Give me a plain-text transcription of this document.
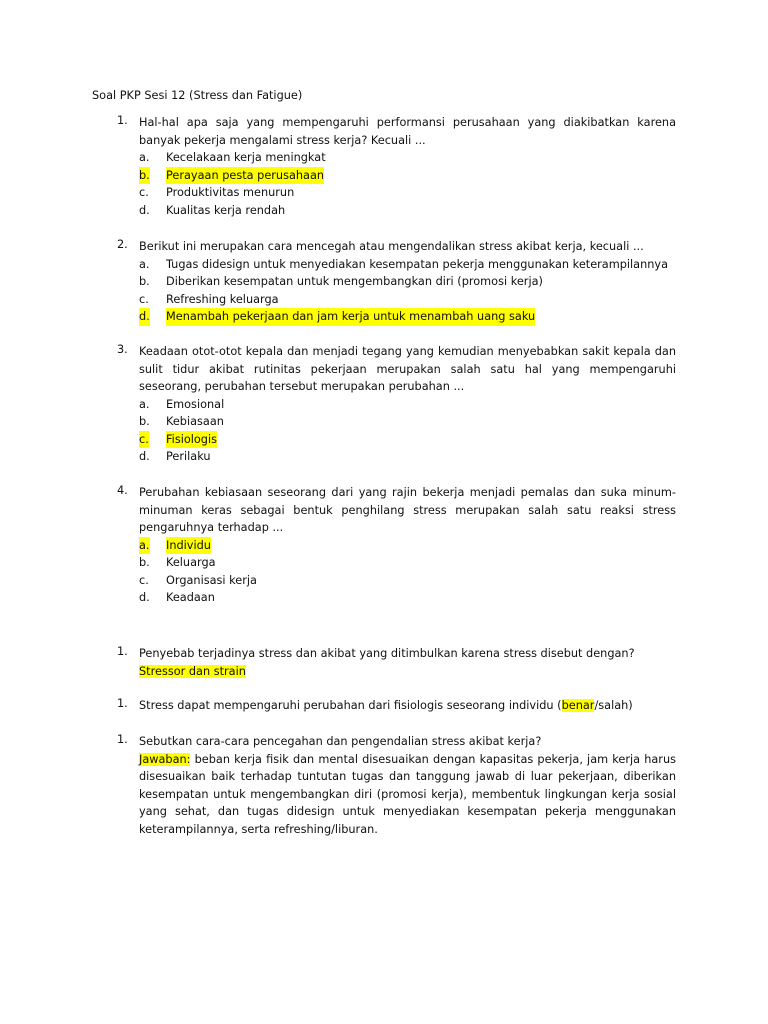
Soal PKP Sesi 12 (Stress dan Fatigue)
1. Hal-hal apa saja yang mempengaruhi performansi perusahaan yang diakibatkan karena banyak pekerja mengalami stress kerja? Kecuali ...
a. Kecelakaan kerja meningkat
b. Perayaan pesta perusahaan
c. Produktivitas menurun
d. Kualitas kerja rendah
2. Berikut ini merupakan cara mencegah atau mengendalikan stress akibat kerja, kecuali ...
a. Tugas didesign untuk menyediakan kesempatan pekerja menggunakan keterampilannya
b. Diberikan kesempatan untuk mengembangkan diri (promosi kerja)
c. Refreshing keluarga
d. Menambah pekerjaan dan jam kerja untuk menambah uang saku
3. Keadaan otot-otot kepala dan menjadi tegang yang kemudian menyebabkan sakit kepala dan sulit tidur akibat rutinitas pekerjaan merupakan salah satu hal yang mempengaruhi seseorang, perubahan tersebut merupakan perubahan ...
a. Emosional
b. Kebiasaan
c. Fisiologis
d. Perilaku
4. Perubahan kebiasaan seseorang dari yang rajin bekerja menjadi pemalas dan suka minum-minuman keras sebagai bentuk penghilang stress merupakan salah satu reaksi stress pengaruhnya terhadap ...
a. Individu
b. Keluarga
c. Organisasi kerja
d. Keadaan
1. Penyebab terjadinya stress dan akibat yang ditimbulkan karena stress disebut dengan?
Stressor dan strain
1. Stress dapat mempengaruhi perubahan dari fisiologis seseorang individu (benar/salah)
1. Sebutkan cara-cara pencegahan dan pengendalian stress akibat kerja?
Jawaban: beban kerja fisik dan mental disesuaikan dengan kapasitas pekerja, jam kerja harus disesuaikan baik terhadap tuntutan tugas dan tanggung jawab di luar pekerjaan, diberikan kesempatan untuk mengembangkan diri (promosi kerja), membentuk lingkungan kerja sosial yang sehat, dan tugas didesign untuk menyediakan kesempatan pekerja menggunakan keterampilannya, serta refreshing/liburan.
